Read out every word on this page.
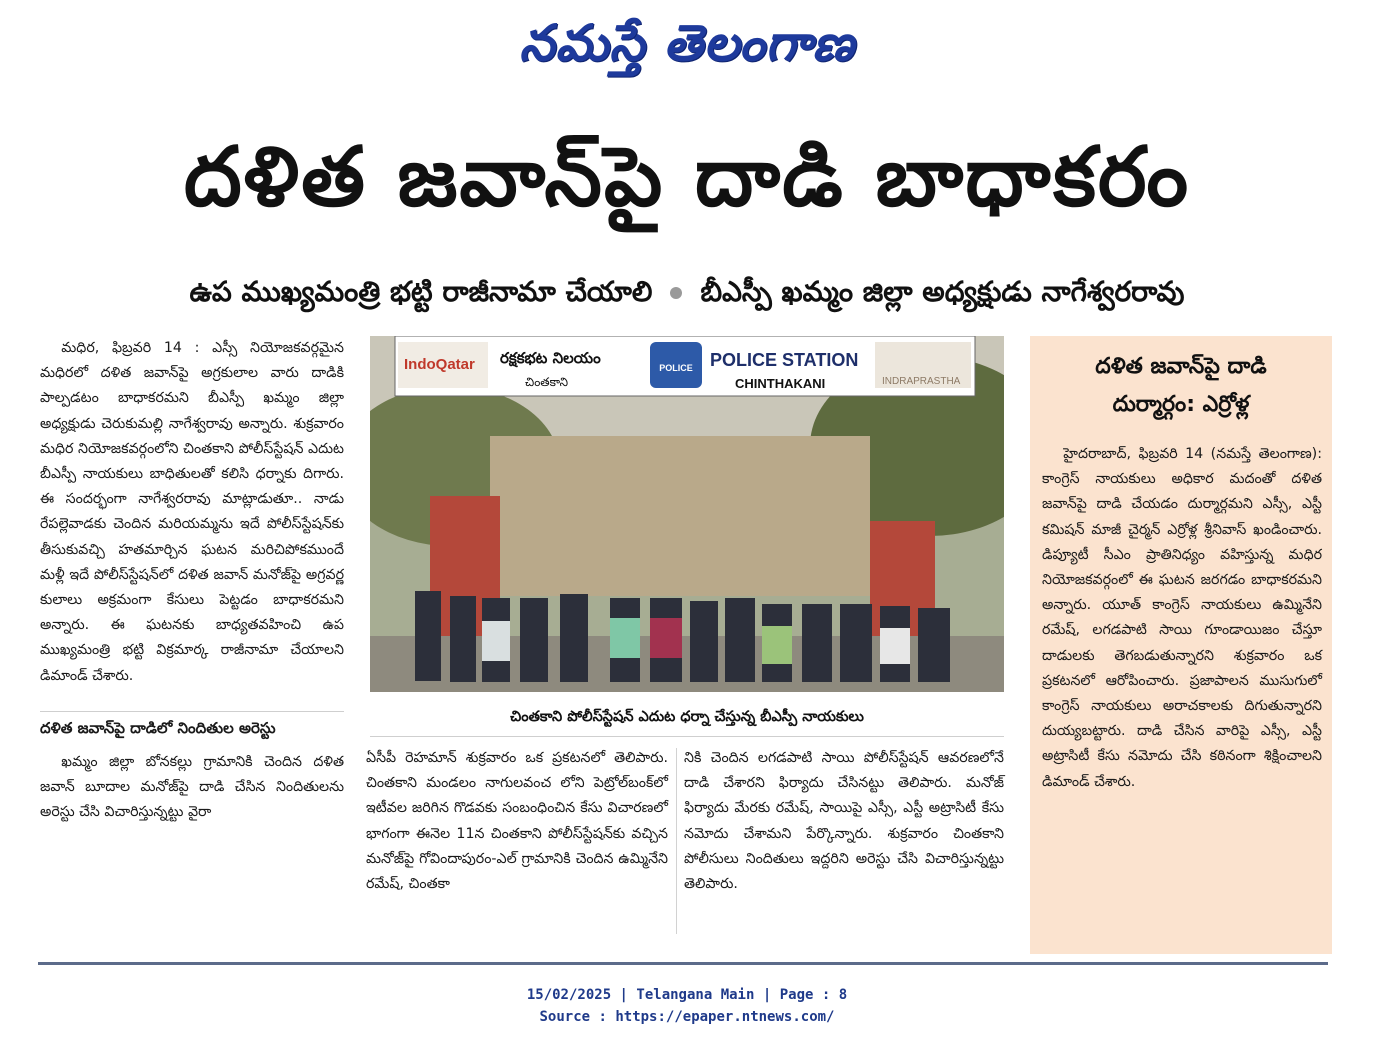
నమస్తే తెలంగాణ
దళిత జవాన్‌పై దాడి బాధాకరం
ఉప ముఖ్యమంత్రి భట్టి రాజీనామా చేయాలి బీఎస్పీ ఖమ్మం జిల్లా అధ్యక్షుడు నాగేశ్వరరావు

మధిర, ఫిబ్రవరి 14 : ఎస్సీ నియోజకవర్గమైన మధిరలో దళిత జవాన్‌పై అగ్రకులాల వారు దాడికి పాల్పడటం బాధాకరమని బీఎస్పీ ఖమ్మం జిల్లా అధ్యక్షుడు చెరుకుమల్లి నాగేశ్వరావు అన్నారు. శుక్రవారం మధిర నియోజకవర్గంలోని చింతకాని పోలీస్‌స్టేషన్ ఎదుట బీఎస్పీ నాయకులు బాధితులతో కలిసి ధర్నాకు దిగారు. ఈ సందర్భంగా నాగేశ్వరరావు మాట్లాడుతూ.. నాడు రేపల్లెవాడకు చెందిన మరియమ్మను ఇదే పోలీస్‌స్టేషన్‌కు తీసుకువచ్చి హతమార్చిన ఘటన మరిచిపోకముందే మళ్లీ ఇదే పోలీస్‌స్టేషన్‌లో దళిత జవాన్ మనోజ్‌పై అగ్రవర్ణ కులాలు అక్రమంగా కేసులు పెట్టడం బాధాకరమని అన్నారు. ఈ ఘటనకు బాధ్యతవహించి ఉప ముఖ్యమంత్రి భట్టి విక్రమార్క రాజీనామా చేయాలని డిమాండ్ చేశారు.

దళిత జవాన్‌పై దాడిలో నిందితుల అరెస్టు

ఖమ్మం జిల్లా బోనకల్లు గ్రామానికి చెందిన దళిత జవాన్ బూదాల మనోజ్‌పై దాడి చేసిన నిందితులను అరెస్టు చేసి విచారిస్తున్నట్టు వైరా

IndoQatar రక్షకభట నిలయం
చింతకాని
POLICE POLICE STATION
CHINTHAKANI	INDRAPRASTHA
చింతకాని పోలీస్‌స్టేషన్ ఎదుట ధర్నా చేస్తున్న బీఎస్పీ నాయకులు

ఏసీపీ రెహమాన్ శుక్రవారం ఒక ప్రకటనలో తెలిపారు. చింతకాని మండలం నాగులవంచ లోని పెట్రోల్‌బంక్‌లో ఇటీవల జరిగిన గొడవకు సంబంధించిన కేసు విచారణలో భాగంగా ఈనెల 11న చింతకాని పోలీస్‌స్టేషన్‌కు వచ్చిన మనోజ్‌పై గోవిందాపురం-ఎల్ గ్రామానికి చెందిన ఉమ్మినేని రమేష్, చింతకా

నికి చెందిన లగడపాటి సాయి పోలీస్‌స్టేషన్ ఆవరణలోనే దాడి చేశారని ఫిర్యాదు చేసినట్టు తెలిపారు. మనోజ్ ఫిర్యాదు మేరకు రమేష్, సాయిపై ఎస్సీ, ఎస్టీ అట్రాసిటీ కేసు నమోదు చేశామని పేర్కొన్నారు. శుక్రవారం చింతకాని పోలీసులు నిందితులు ఇద్దరిని అరెస్టు చేసి విచారిస్తున్నట్టు తెలిపారు.

దళిత జవాన్‌పై దాడి
దుర్మార్గం: ఎర్రోళ్ల

హైదరాబాద్, ఫిబ్రవరి 14 (నమస్తే తెలంగాణ): కాంగ్రెస్ నాయకులు అధికార మదంతో దళిత జవాన్‌పై దాడి చేయడం దుర్మార్గమని ఎస్సీ, ఎస్టీ కమిషన్ మాజీ చైర్మన్ ఎర్రోళ్ల శ్రీనివాస్ ఖండించారు. డిప్యూటీ సీఎం ప్రాతినిధ్యం వహిస్తున్న మధిర నియోజకవర్గంలో ఈ ఘటన జరగడం బాధాకరమని అన్నారు. యూత్ కాంగ్రెస్ నాయకులు ఉమ్మినేని రమేష్, లగడపాటి సాయి గూండాయిజం చేస్తూ దాడులకు తెగబడుతున్నారని శుక్రవారం ఒక ప్రకటనలో ఆరోపించారు. ప్రజాపాలన ముసుగులో కాంగ్రెస్ నాయకులు అరాచకాలకు దిగుతున్నారని దుయ్యబట్టారు. దాడి చేసిన వారిపై ఎస్సీ, ఎస్టీ అట్రాసిటీ కేసు నమోదు చేసి కఠినంగా శిక్షించాలని డిమాండ్ చేశారు.

15/02/2025 | Telangana Main | Page : 8
Source : https://epaper.ntnews.com/
